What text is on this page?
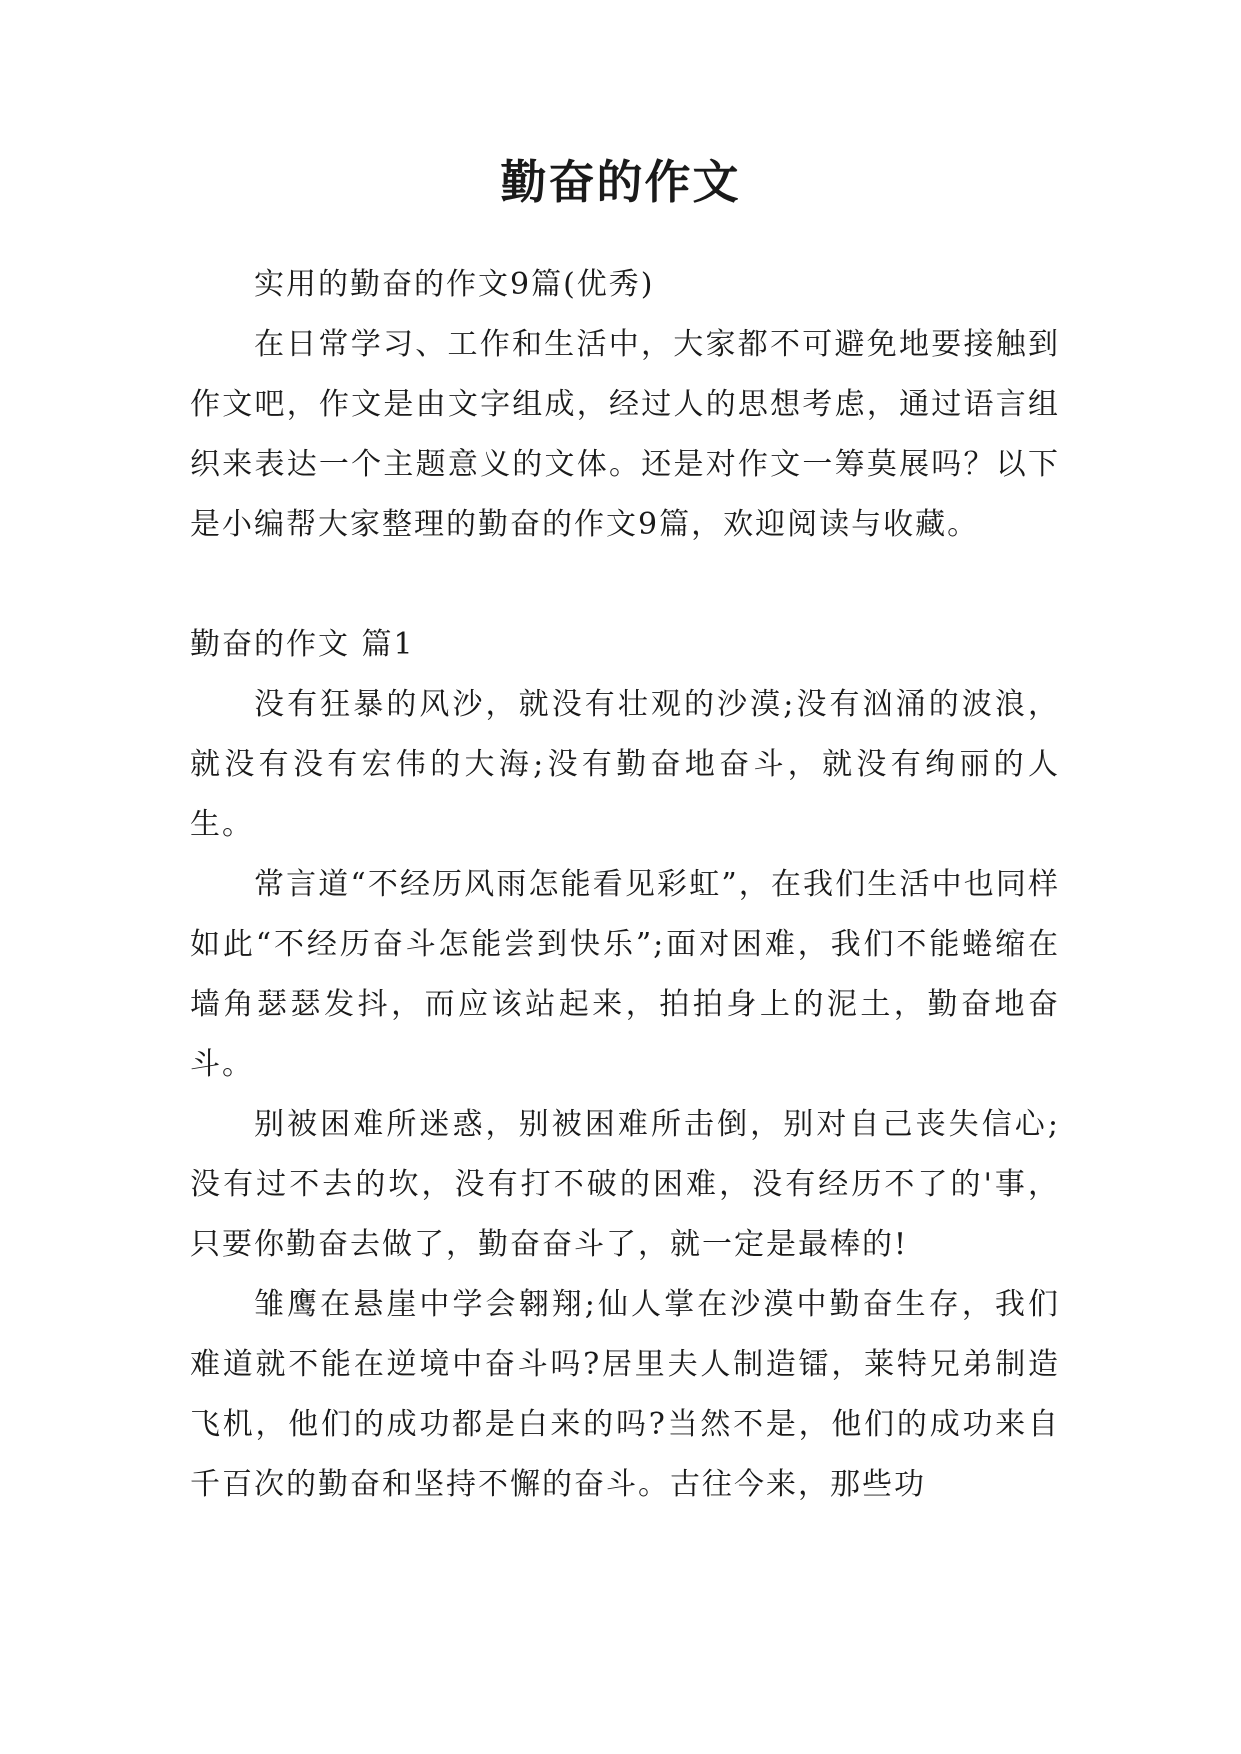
勤奋的作文

实用的勤奋的作文9篇(优秀)

在日常学习、工作和生活中，大家都不可避免地要接触到作文吧，作文是由文字组成，经过人的思想考虑，通过语言组织来表达一个主题意义的文体。还是对作文一筹莫展吗？以下是小编帮大家整理的勤奋的作文9篇，欢迎阅读与收藏。

勤奋的作文 篇1

没有狂暴的风沙，就没有壮观的沙漠;没有汹涌的波浪，就没有没有宏伟的大海;没有勤奋地奋斗，就没有绚丽的人生。

常言道“不经历风雨怎能看见彩虹”，在我们生活中也同样如此“不经历奋斗怎能尝到快乐”;面对困难，我们不能蜷缩在墙角瑟瑟发抖，而应该站起来，拍拍身上的泥土，勤奋地奋斗。

别被困难所迷惑，别被困难所击倒，别对自己丧失信心;没有过不去的坎，没有打不破的困难，没有经历不了的'事，只要你勤奋去做了，勤奋奋斗了，就一定是最棒的!

雏鹰在悬崖中学会翱翔;仙人掌在沙漠中勤奋生存，我们难道就不能在逆境中奋斗吗?居里夫人制造镭，莱特兄弟制造飞机，他们的成功都是白来的吗?当然不是，他们的成功来自千百次的勤奋和坚持不懈的奋斗。古往今来，那些功
